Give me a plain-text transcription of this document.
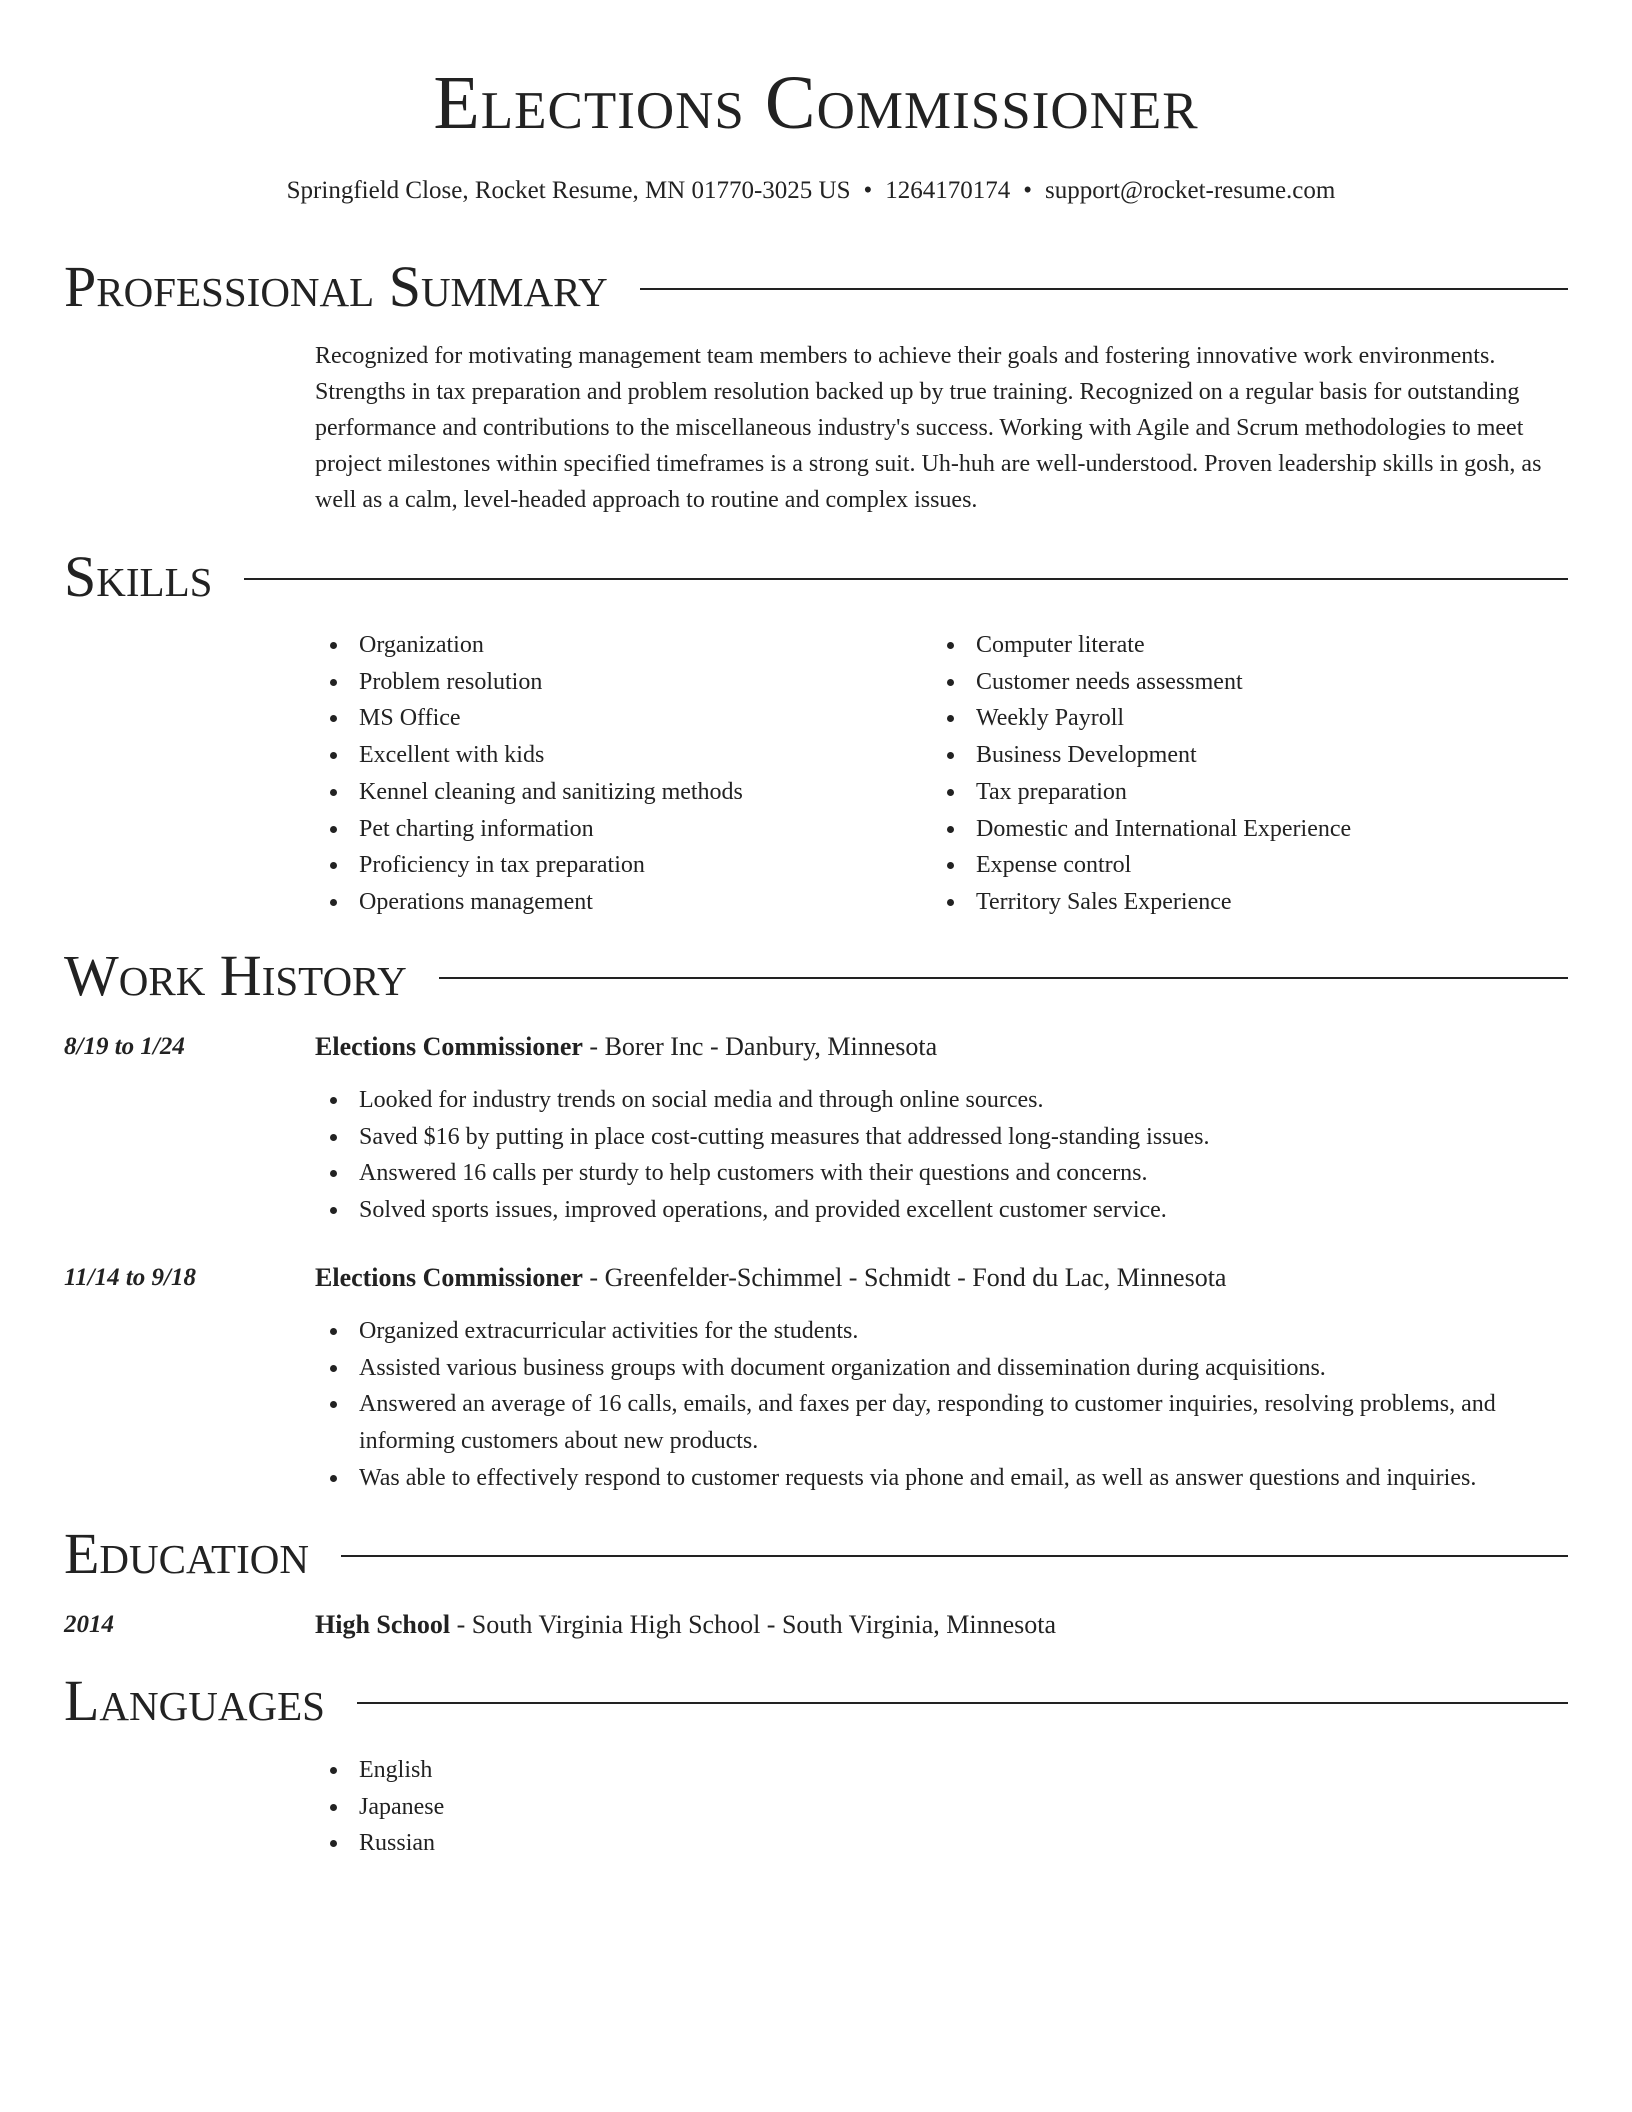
Elections Commissioner
Springfield Close, Rocket Resume, MN 01770-3025 US • 1264170174 • support@rocket-resume.com
Professional Summary
Recognized for motivating management team members to achieve their goals and fostering innovative work environments. Strengths in tax preparation and problem resolution backed up by true training. Recognized on a regular basis for outstanding performance and contributions to the miscellaneous industry's success. Working with Agile and Scrum methodologies to meet project milestones within specified timeframes is a strong suit. Uh-huh are well-understood. Proven leadership skills in gosh, as well as a calm, level-headed approach to routine and complex issues.
Skills
Organization
Problem resolution
MS Office
Excellent with kids
Kennel cleaning and sanitizing methods
Pet charting information
Proficiency in tax preparation
Operations management
Computer literate
Customer needs assessment
Weekly Payroll
Business Development
Tax preparation
Domestic and International Experience
Expense control
Territory Sales Experience
Work History
8/19 to 1/24	Elections Commissioner - Borer Inc - Danbury, Minnesota
Looked for industry trends on social media and through online sources.
Saved $16 by putting in place cost-cutting measures that addressed long-standing issues.
Answered 16 calls per sturdy to help customers with their questions and concerns.
Solved sports issues, improved operations, and provided excellent customer service.
11/14 to 9/18	Elections Commissioner - Greenfelder-Schimmel - Schmidt - Fond du Lac, Minnesota
Organized extracurricular activities for the students.
Assisted various business groups with document organization and dissemination during acquisitions.
Answered an average of 16 calls, emails, and faxes per day, responding to customer inquiries, resolving problems, and informing customers about new products.
Was able to effectively respond to customer requests via phone and email, as well as answer questions and inquiries.
Education
2014	High School - South Virginia High School - South Virginia, Minnesota
Languages
English
Japanese
Russian
